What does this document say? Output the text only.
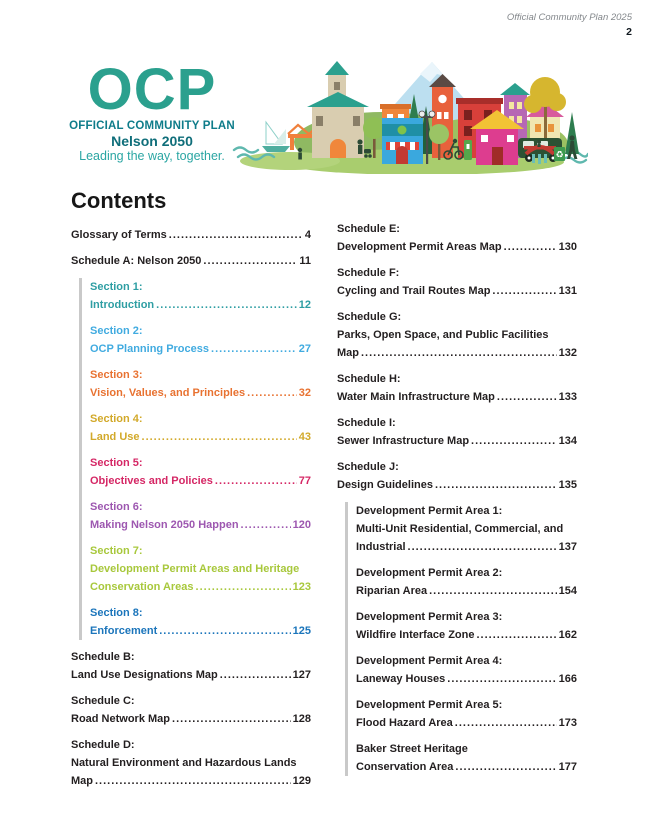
Official Community Plan 2025
2
OCP
OFFICIAL COMMUNITY PLAN
Nelson 2050
Leading the way, together.	♻
Contents
Glossary of Terms .....	4
Schedule A: Nelson 2050 .....	11
Section 1:
Introduction .....	12
Section 2:
OCP Planning Process .....	27
Section 3:
Vision, Values, and Principles .....	32
Section 4:
Land Use .....	43
Section 5:
Objectives and Policies .....	77
Section 6:
Making Nelson 2050 Happen .....	120
Section 7:
Development Permit Areas and Heritage
Conservation Areas .....	123
Section 8:
Enforcement .....	125
Schedule B:
Land Use Designations Map .....	127
Schedule C:
Road Network Map .....	128
Schedule D:
Natural Environment and Hazardous Lands
Map .....	129
Schedule E:
Development Permit Areas Map .....	130
Schedule F:
Cycling and Trail Routes Map .....	131
Schedule G:
Parks, Open Space, and Public Facilities
Map .....	132
Schedule H:
Water Main Infrastructure Map .....	133
Schedule I:
Sewer Infrastructure Map .....	134
Schedule J:
Design Guidelines .....	135
Development Permit Area 1:
Multi-Unit Residential, Commercial, and
Industrial .....	137
Development Permit Area 2:
Riparian Area .....	154
Development Permit Area 3:
Wildfire Interface Zone .....	162
Development Permit Area 4:
Laneway Houses .....	166
Development Permit Area 5:
Flood Hazard Area .....	173
Baker Street Heritage
Conservation Area .....	177
